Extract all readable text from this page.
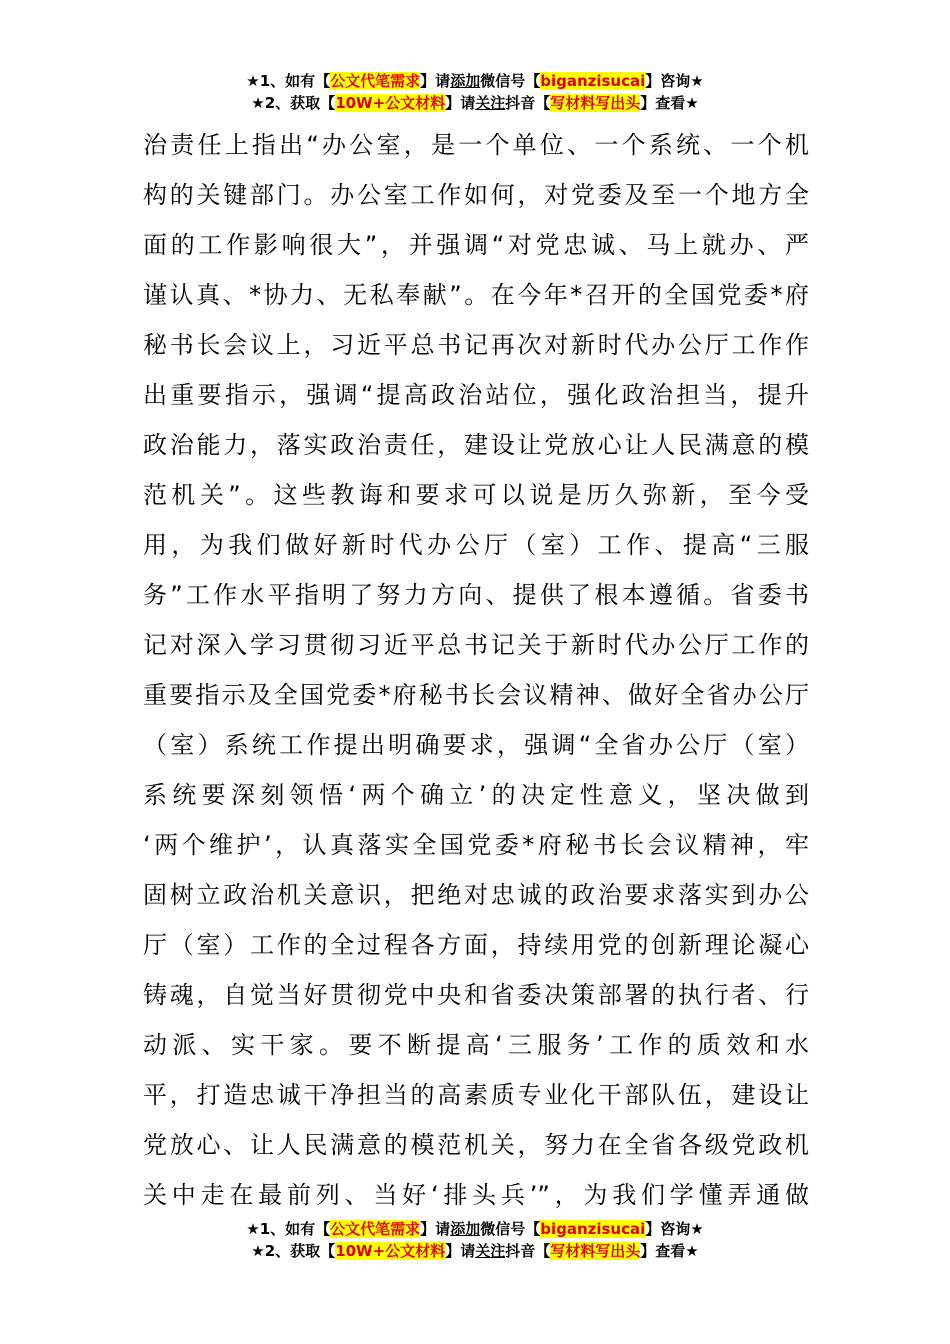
★1、如有【公文代笔需求】请添加微信号【biganzisucai】咨询★
★2、获取【10W+公文材料】请关注抖音【写材料写出头】查看★
治责任上指出“办公室，是一个单位、一个系统、一个机
构的关键部门。办公室工作如何，对党委及至一个地方全
面的工作影响很大”，并强调“对党忠诚、马上就办、严
谨认真、*协力、无私奉献”。在今年*召开的全国党委*府
秘书长会议上，习近平总书记再次对新时代办公厅工作作
出重要指示，强调“提高政治站位，强化政治担当，提升
政治能力，落实政治责任，建设让党放心让人民满意的模
范机关”。这些教诲和要求可以说是历久弥新，至今受
用，为我们做好新时代办公厅（室）工作、提高“三服
务”工作水平指明了努力方向、提供了根本遵循。省委书
记对深入学习贯彻习近平总书记关于新时代办公厅工作的
重要指示及全国党委*府秘书长会议精神、做好全省办公厅
（室）系统工作提出明确要求，强调“全省办公厅（室）
系统要深刻领悟‘两个确立’的决定性意义，坚决做到
‘两个维护’，认真落实全国党委*府秘书长会议精神，牢
固树立政治机关意识，把绝对忠诚的政治要求落实到办公
厅（室）工作的全过程各方面，持续用党的创新理论凝心
铸魂，自觉当好贯彻党中央和省委决策部署的执行者、行
动派、实干家。要不断提高‘三服务’工作的质效和水
平，打造忠诚干净担当的高素质专业化干部队伍，建设让
党放心、让人民满意的模范机关，努力在全省各级党政机
关中走在最前列、当好‘排头兵’”，为我们学懂弄通做
★1、如有【公文代笔需求】请添加微信号【biganzisucai】咨询★
★2、获取【10W+公文材料】请关注抖音【写材料写出头】查看★
